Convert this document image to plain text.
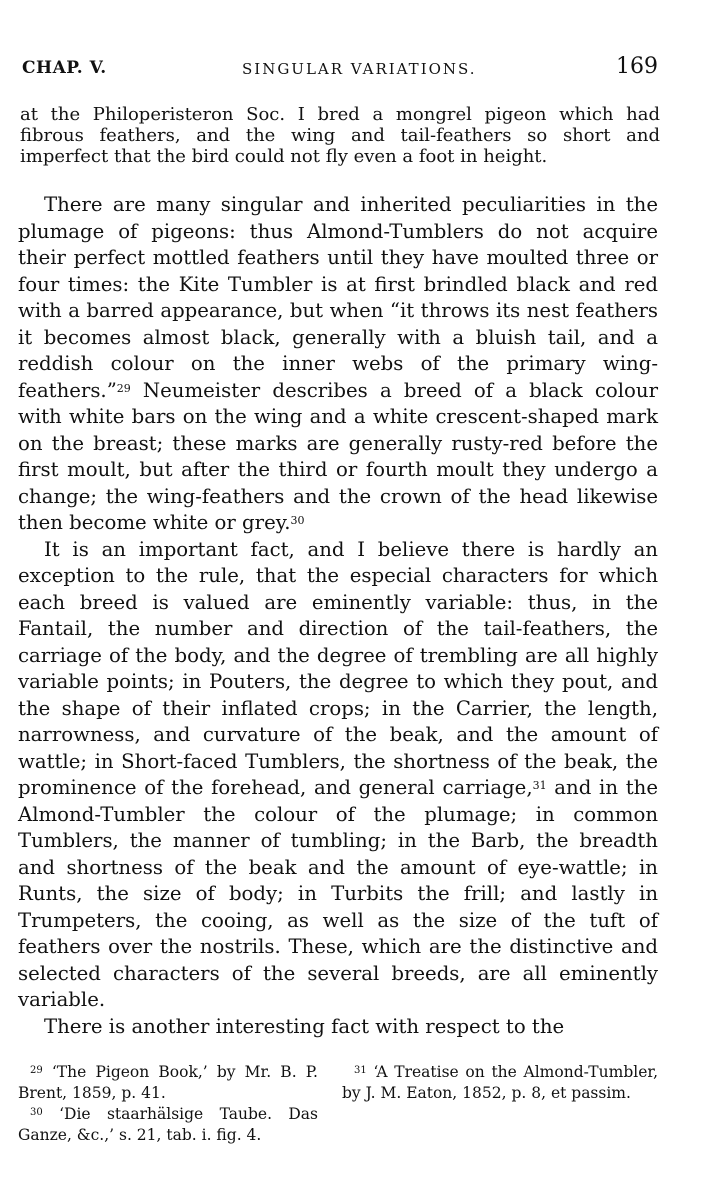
CHAP. V.	SINGULAR VARIATIONS.	169
at the Philoperisteron Soc. I bred a mongrel pigeon which had fibrous feathers, and the wing and tail-feathers so short and imperfect that the bird could not fly even a foot in height.

There are many singular and inherited peculiarities in the plumage of pigeons: thus Almond-Tumblers do not acquire their perfect mottled feathers until they have moulted three or four times: the Kite Tumbler is at first brindled black and red with a barred appearance, but when “it throws its nest feathers it becomes almost black, generally with a bluish tail, and a reddish colour on the inner webs of the primary wing-feathers.”$^{29}$ Neumeister describes a breed of a black colour with white bars on the wing and a white crescent-shaped mark on the breast; these marks are generally rusty-red before the first moult, but after the third or fourth moult they undergo a change; the wing-feathers and the crown of the head likewise then become white or grey.$^{30}$

It is an important fact, and I believe there is hardly an exception to the rule, that the especial characters for which each breed is valued are eminently variable: thus, in the Fantail, the number and direction of the tail-feathers, the carriage of the body, and the degree of trembling are all highly variable points; in Pouters, the degree to which they pout, and the shape of their inflated crops; in the Carrier, the length, narrowness, and curvature of the beak, and the amount of wattle; in Short-faced Tumblers, the shortness of the beak, the prominence of the forehead, and general carriage,$^{31}$ and in the Almond-Tumbler the colour of the plumage; in common Tumblers, the manner of tumbling; in the Barb, the breadth and shortness of the beak and the amount of eye-wattle; in Runts, the size of body; in Turbits the frill; and lastly in Trumpeters, the cooing, as well as the size of the tuft of feathers over the nostrils. These, which are the distinctive and selected characters of the several breeds, are all eminently variable.

There is another interesting fact with respect to the

$^{29}$ ‘The Pigeon Book,’ by Mr. B. P. Brent, 1859, p. 41.

$^{30}$ ‘Die staarhälsige Taube. Das Ganze, &c.,’ s. 21, tab. i. fig. 4.

$^{31}$ ‘A Treatise on the Almond-Tumbler, by J. M. Eaton, 1852, p. 8, et passim.
